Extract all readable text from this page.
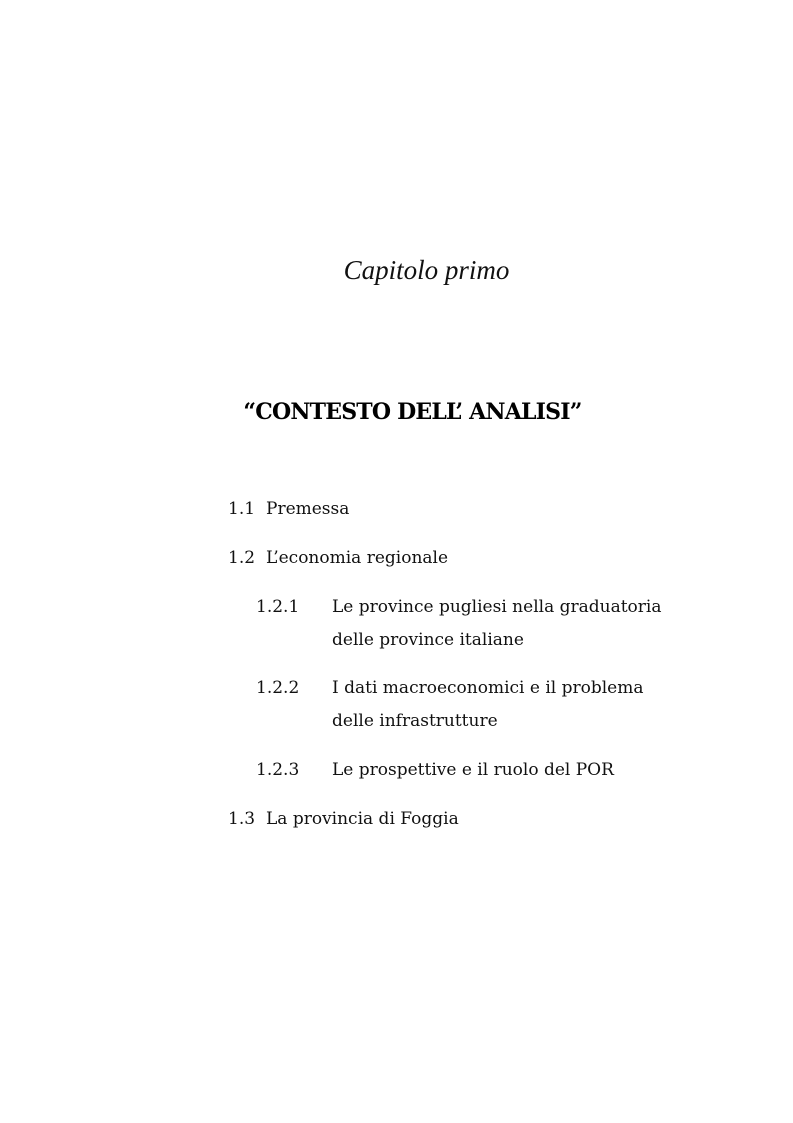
Capitolo primo
“CONTESTO DELL’ ANALISI”
1.1 Premessa
1.2 L’economia regionale
1.2.1 Le province pugliesi nella graduatoria
delle province italiane
1.2.2 I dati macroeconomici e il problema
delle infrastrutture
1.2.3 Le prospettive e il ruolo del POR
1.3 La provincia di Foggia
